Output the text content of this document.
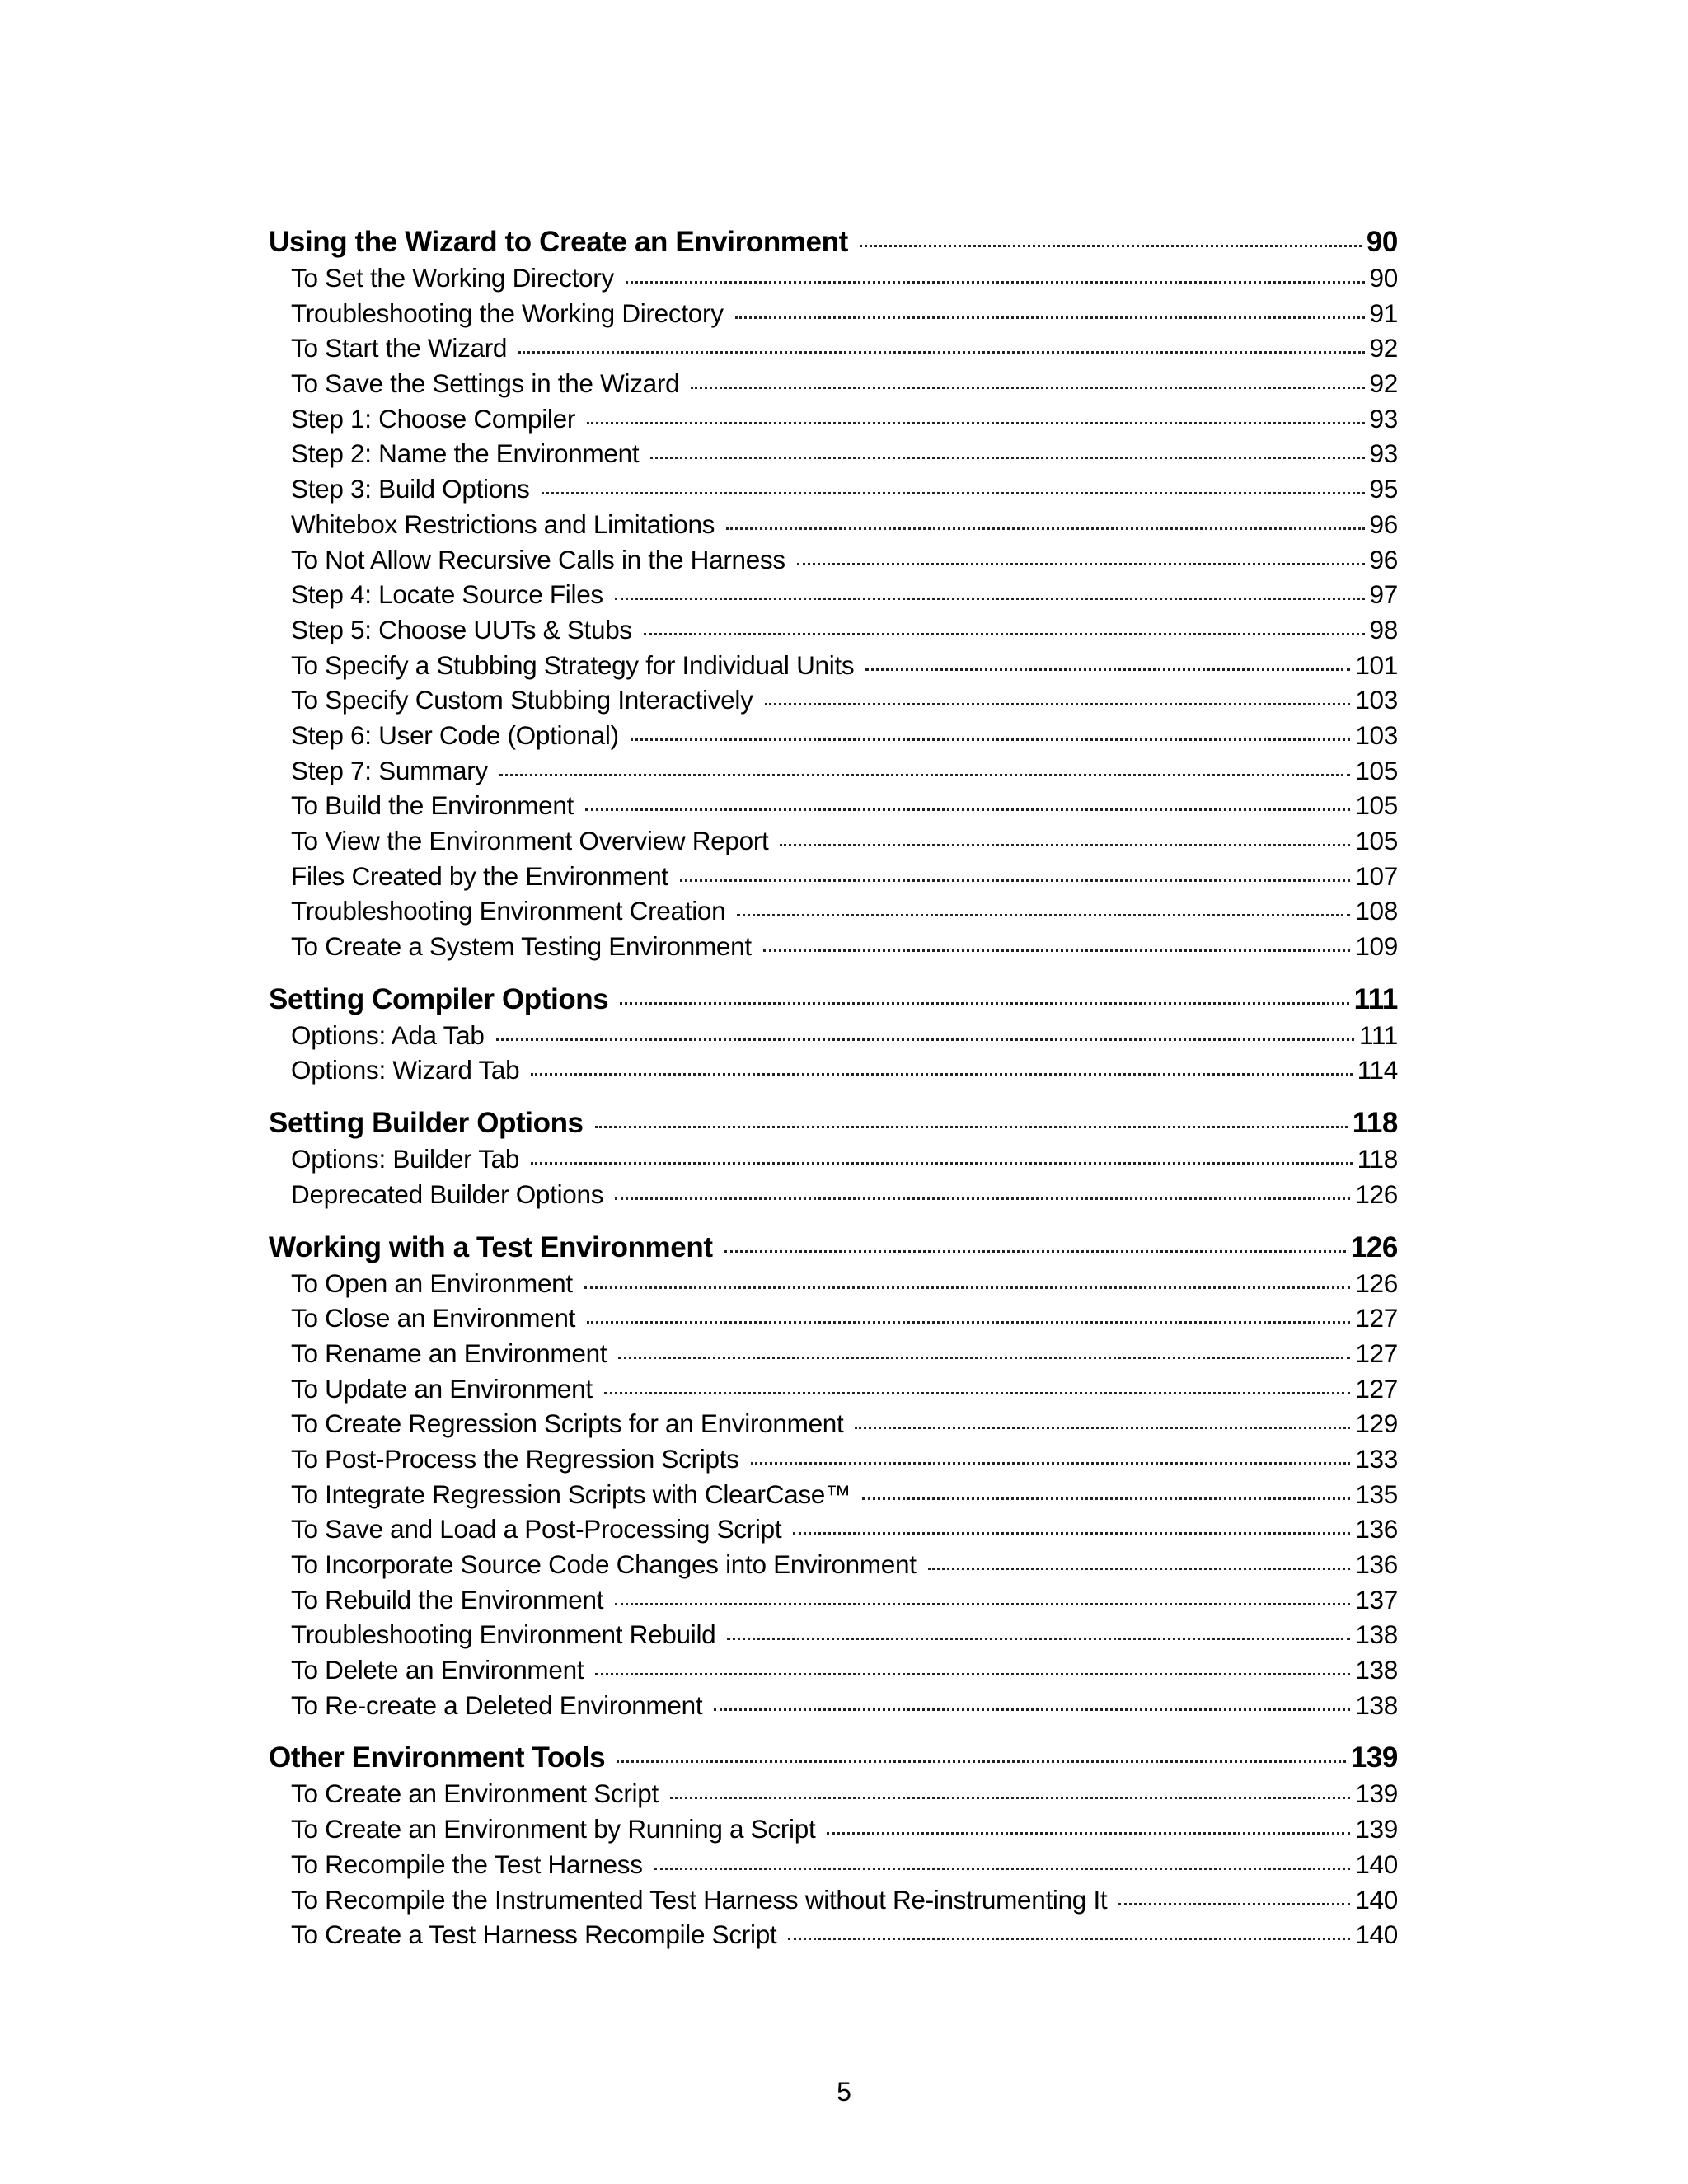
Using the Wizard to Create an Environment	90
To Set the Working Directory	90
Troubleshooting the Working Directory	91
To Start the Wizard	92
To Save the Settings in the Wizard	92
Step 1: Choose Compiler	93
Step 2: Name the Environment	93
Step 3: Build Options	95
Whitebox Restrictions and Limitations	96
To Not Allow Recursive Calls in the Harness	96
Step 4: Locate Source Files	97
Step 5: Choose UUTs & Stubs	98
To Specify a Stubbing Strategy for Individual Units	101
To Specify Custom Stubbing Interactively	103
Step 6: User Code (Optional)	103
Step 7: Summary	105
To Build the Environment	105
To View the Environment Overview Report	105
Files Created by the Environment	107
Troubleshooting Environment Creation	108
To Create a System Testing Environment	109
Setting Compiler Options	111
Options: Ada Tab	111
Options: Wizard Tab	114
Setting Builder Options	118
Options: Builder Tab	118
Deprecated Builder Options	126
Working with a Test Environment	126
To Open an Environment	126
To Close an Environment	127
To Rename an Environment	127
To Update an Environment	127
To Create Regression Scripts for an Environment	129
To Post-Process the Regression Scripts	133
To Integrate Regression Scripts with ClearCase™	135
To Save and Load a Post-Processing Script	136
To Incorporate Source Code Changes into Environment	136
To Rebuild the Environment	137
Troubleshooting Environment Rebuild	138
To Delete an Environment	138
To Re-create a Deleted Environment	138
Other Environment Tools	139
To Create an Environment Script	139
To Create an Environment by Running a Script	139
To Recompile the Test Harness	140
To Recompile the Instrumented Test Harness without Re-instrumenting It	140
To Create a Test Harness Recompile Script	140
5
